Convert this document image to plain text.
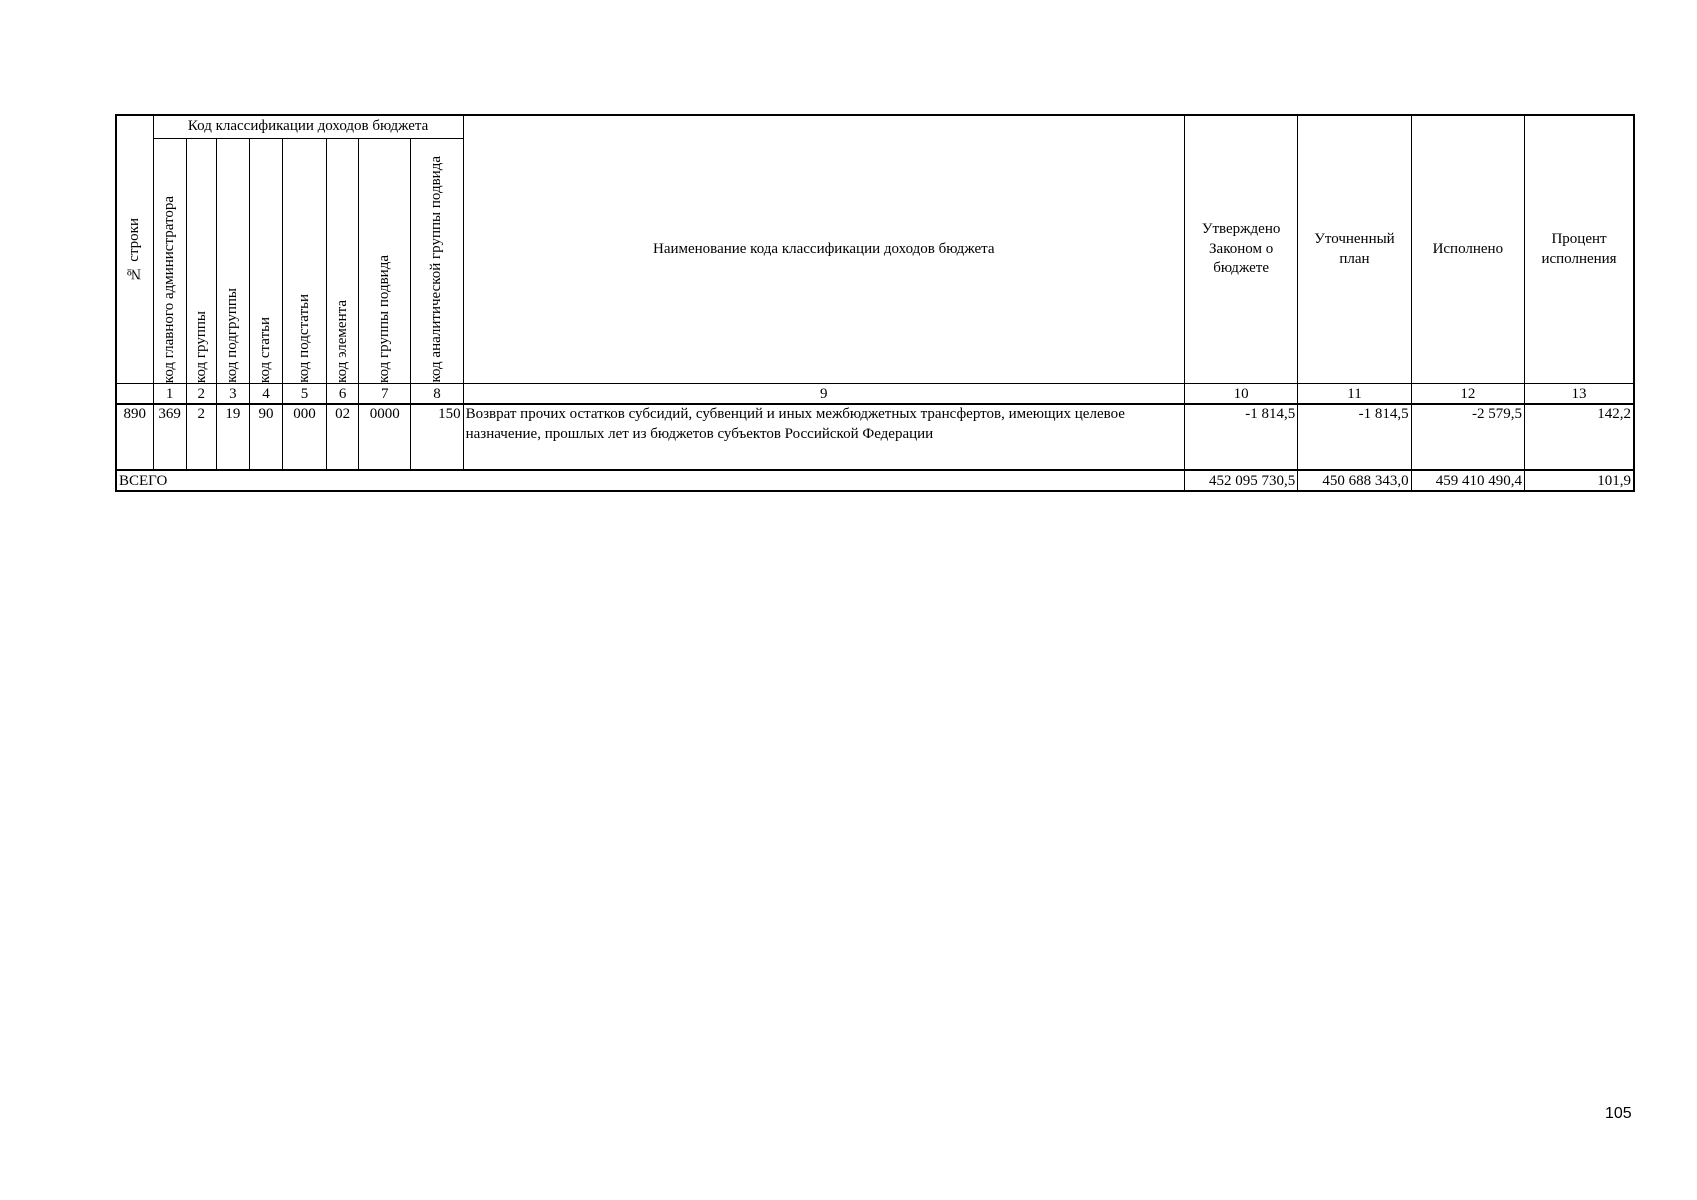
№ строки	Код классификации доходов бюджета								Наименование кода классификации доходов бюджета	Утверждено Законом о бюджете	Уточненный план	Исполнено	Процент исполнения

	код главного администратора	код группы	код подгруппы	код статьи	код подстатьи	код элемента	код группы подвида	код аналитической группы подвида					

	1	2	3	4	5	6	7	8	9	10	11	12	13
890	369	2	19	90	000	02	0000	150	Возврат прочих остатков субсидий, субвенций и иных межбюджетных трансфертов, имеющих целевое назначение, прошлых лет из бюджетов субъектов Российской Федерации	-1 814,5	-1 814,5	-2 579,5	142,2
ВСЕГО										452 095 730,5	450 688 343,0	459 410 490,4	101,9
105
